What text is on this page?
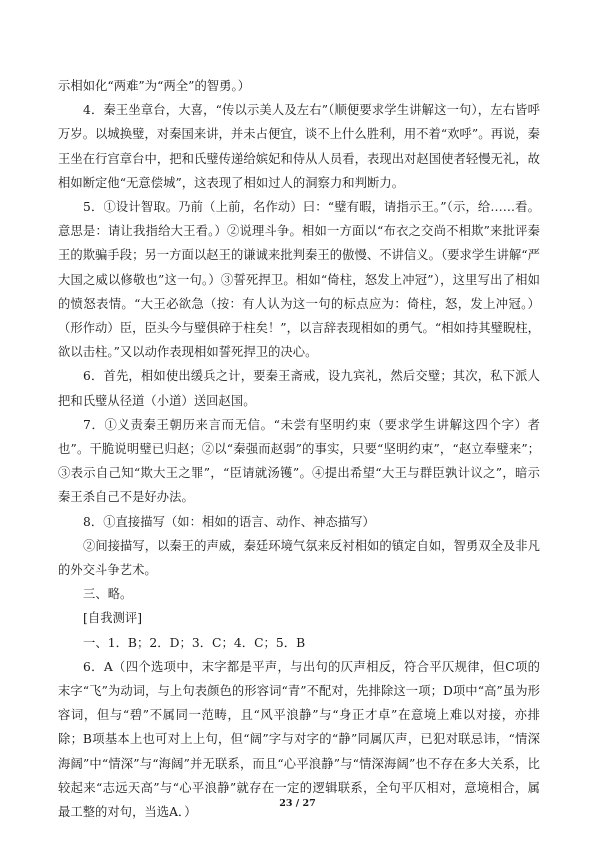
示相如化“两难”为“两全”的智勇。）

4．秦王坐章台，大喜，“传以示美人及左右”（顺便要求学生讲解这一句），左右皆呼万岁。以城换璧，对秦国来讲，并未占便宜，谈不上什么胜利，用不着“欢呼”。再说，秦王坐在行宫章台中，把和氏璧传递给嫔妃和侍从人员看，表现出对赵国使者轻慢无礼，故相如断定他“无意偿城”，这表现了相如过人的洞察力和判断力。

5．①设计智取。乃前（上前，名作动）曰：“璧有暇，请指示王。”（示，给……看。意思是：请让我指给大王看。）②说理斗争。相如一方面以“布衣之交尚不相欺”来批评秦王的欺骗手段；另一方面以赵王的谦诚来批判秦王的傲慢、不讲信义。（要求学生讲解“严大国之威以修敬也”这一句。）③誓死捍卫。相如“倚柱，怒发上冲冠”），这里写出了相如的愤怒表情。“大王必欲急（按：有人认为这一句的标点应为：倚柱，怒，发上冲冠。）（形作动）臣，臣头今与璧俱碎于柱矣！”，以言辞表现相如的勇气。“相如持其璧睨柱，欲以击柱。”又以动作表现相如誓死捍卫的决心。

6．首先，相如使出缓兵之计，要秦王斋戒，设九宾礼，然后交璧；其次，私下派人把和氏璧从径道（小道）送回赵国。

7．①义责秦王朝历来言而无信。“未尝有坚明约束（要求学生讲解这四个字）者也”。干脆说明璧已归赵；②以“秦强而赵弱”的事实，只要“坚明约束”，“赵立奉璧来”；③表示自己知“欺大王之罪”，“臣请就汤镬”。④提出希望“大王与群臣孰计议之”，暗示秦王杀自己不是好办法。

8．①直接描写（如：相如的语言、动作、神态描写）

②间接描写，以秦王的声威，秦廷环境气氛来反衬相如的镇定自如，智勇双全及非凡的外交斗争艺术。

三、略。

[自我测评]

一、1．B；2．D；3．C；4．C；5．B

6．A（四个选项中，末字都是平声，与出句的仄声相反，符合平仄规律，但C项的末字“飞”为动词，与上句表颜色的形容词“青”不配对，先排除这一项；D项中“高”虽为形容词，但与“碧”不属同一范畴，且“风平浪静”与“身正才卓”在意境上难以对接，亦排除；B项基本上也可对上上句，但“阔”字与对字的“静”同属仄声，已犯对联忌讳，“情深海阔”中“情深”与“海阔”并无联系，而且“心平浪静”与“情深海阔”也不存在多大关系，比较起来“志远天高”与“心平浪静”就存在一定的逻辑联系，全句平仄相对，意境相合，属最工整的对句，当选A．）

23 / 27
